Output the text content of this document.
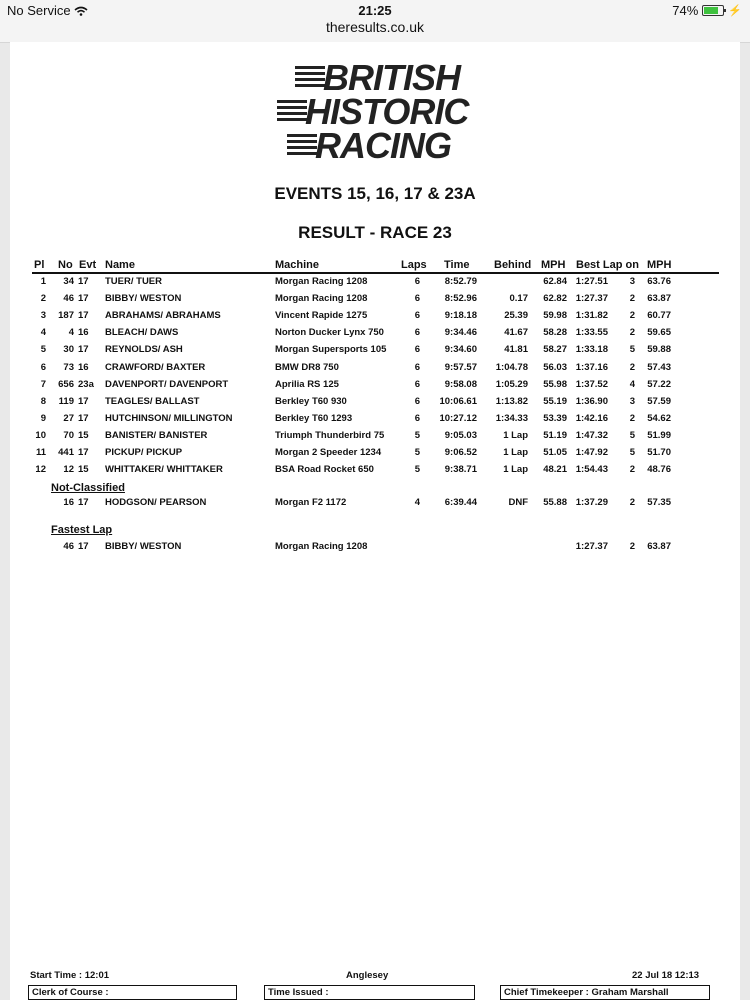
No Service	21:25
theresults.co.uk
74%	⚡
BRITISH
HISTORIC
RACING
EVENTS 15, 16, 17 & 23A
RESULT - RACE 23
Pl No Evt Name	Machine	Laps Time Behind MPH Best Lap on MPH
1	34 17	TUER/ TUER	Morgan Racing 1208	6	8:52.79	62.84 1:27.51	3	63.76
2	46 17	BIBBY/ WESTON	Morgan Racing 1208	6	8:52.96	0.17	62.82 1:27.37	2	63.87
3	187 17	ABRAHAMS/ ABRAHAMS	Vincent Rapide 1275	6	9:18.18	25.39	59.98 1:31.82	2	60.77
4	4 16	BLEACH/ DAWS	Norton Ducker Lynx 750	6	9:34.46	41.67	58.28 1:33.55	2	59.65
5	30 17	REYNOLDS/ ASH	Morgan Supersports 105	6	9:34.60	41.81	58.27 1:33.18	5	59.88
6	73 16	CRAWFORD/ BAXTER	BMW DR8 750	6	9:57.57	1:04.78	56.03 1:37.16	2	57.43
7	656 23a	DAVENPORT/ DAVENPORT	Aprilia RS 125	6	9:58.08	1:05.29	55.98 1:37.52	4	57.22
8	119 17	TEAGLES/ BALLAST	Berkley T60 930	6	10:06.61	1:13.82	55.19 1:36.90	3	57.59
9	27 17	HUTCHINSON/ MILLINGTON	Berkley T60 1293	6	10:27.12	1:34.33	53.39 1:42.16	2	54.62
10	70 15	BANISTER/ BANISTER	Triumph Thunderbird 75	5	9:05.03	1 Lap	51.19 1:47.32	5	51.99
11	441 17	PICKUP/ PICKUP	Morgan 2 Speeder 1234	5	9:06.52	1 Lap	51.05 1:47.92	5	51.70
12	12 15	WHITTAKER/ WHITTAKER	BSA Road Rocket 650	5	9:38.71	1 Lap	48.21 1:54.43	2	48.76
Not-Classified
16 17	HODGSON/ PEARSON	Morgan F2 1172	4	6:39.44	DNF	55.88 1:37.29	2	57.35
Fastest Lap
46 17	BIBBY/ WESTON	Morgan Racing 1208	1:27.37	2	63.87
Start Time : 12:01	Anglesey	22 Jul 18 12:13
Clerk of Course :	Time Issued :	Chief Timekeeper : Graham Marshall
